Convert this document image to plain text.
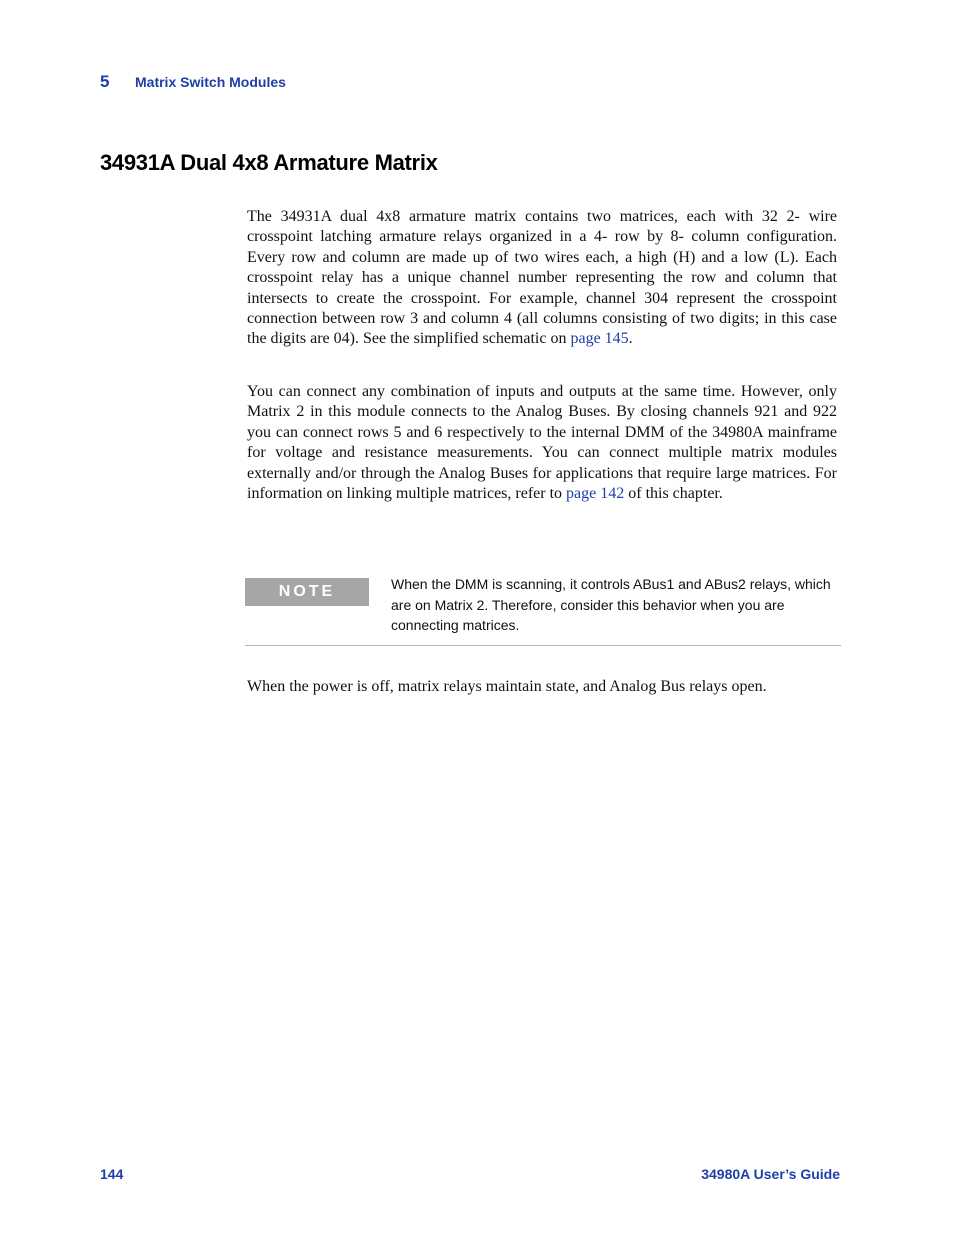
5	Matrix Switch Modules
34931A Dual 4x8 Armature Matrix

The 34931A dual 4x8 armature matrix contains two matrices, each with 32 2- wire crosspoint latching armature relays organized in a 4- row by 8- column configuration. Every row and column are made up of two wires each, a high (H) and a low (L). Each crosspoint relay has a unique channel number representing the row and column that intersects to create the crosspoint. For example, channel 304 represent the crosspoint connection between row 3 and column 4 (all columns consisting of two digits; in this case the digits are 04). See the simplified schematic on page 145.

You can connect any combination of inputs and outputs at the same time. However, only Matrix 2 in this module connects to the Analog Buses. By closing channels 921 and 922 you can connect rows 5 and 6 respectively to the internal DMM of the 34980A mainframe for voltage and resistance measurements. You can connect multiple matrix modules externally and/or through the Analog Buses for applications that require large matrices. For information on linking multiple matrices, refer to page 142 of this chapter.

NOTE	When the DMM is scanning, it controls ABus1 and ABus2 relays, which are on Matrix 2. Therefore, consider this behavior when you are connecting matrices.

When the power is off, matrix relays maintain state, and Analog Bus relays open.

144	34980A User’s Guide
